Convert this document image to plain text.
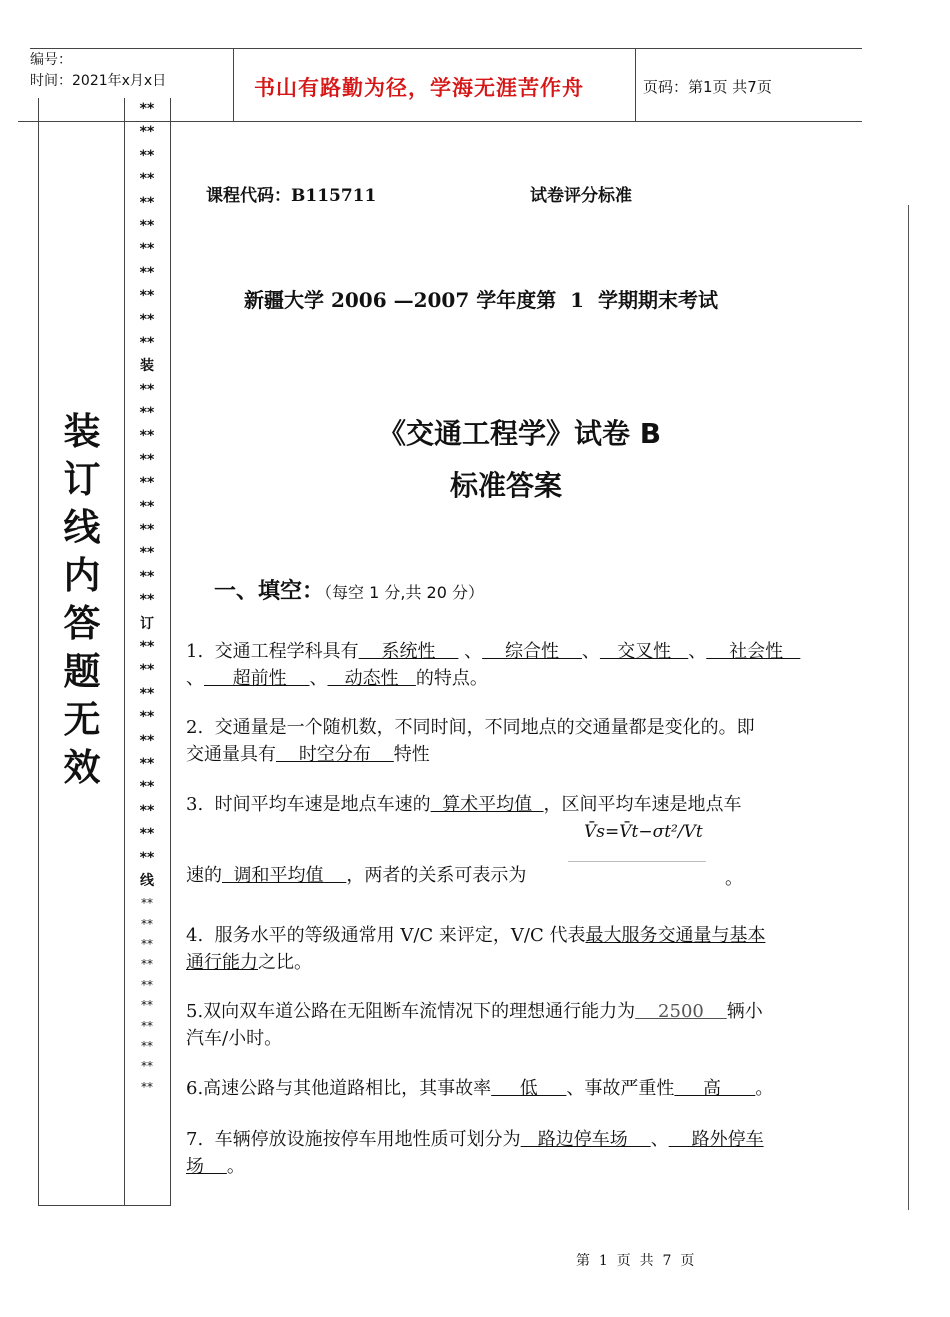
编号：
时间：2021年x月x日	书山有路勤为径，学海无涯苦作舟	页码：第1页 共7页
装
订
线
内
答
题
无
效
**
**
**
**
**
**
**
**
**
**
**
装
**
**
**
**
**
**
**
**
**
**
订
**
**
**
**
**
**
**
**
**
**
线
**
**
**
**
**
**
**
**
**
**
课程代码：B115711	试卷评分标准
新疆大学 2006 —2007 学年度第  1  学期期末考试
《交通工程学》试卷 B
标准答案
一、填空：（每空 1 分,共 20 分）
1.  交通工程学科具有    系统性     、    综合性    、   交叉性   、    社会性
、     超前性    、   动态性   的特点。
2.  交通量是一个随机数，不同时间，不同地点的交通量都是变化的。即
交通量具有    时空分布    特性
3.  时间平均车速是地点车速的  算术平均值  ，区间平均车速是地点车
V̄s=V̄t−σt²/Vt
速的  调和平均值    ，两者的关系可表示为	。
4.  服务水平的等级通常用 V/C 来评定，V/C 代表最大服务交通量与基本
通行能力之比。
5.双向双车道公路在无阻断车流情况下的理想通行能力为    2500    辆小
汽车/小时。
6.高速公路与其他道路相比，其事故率     低     、事故严重性     高      。
7.  车辆停放设施按停车用地性质可划分为   路边停车场    、    路外停车
场    。
第  1  页  共  7  页
